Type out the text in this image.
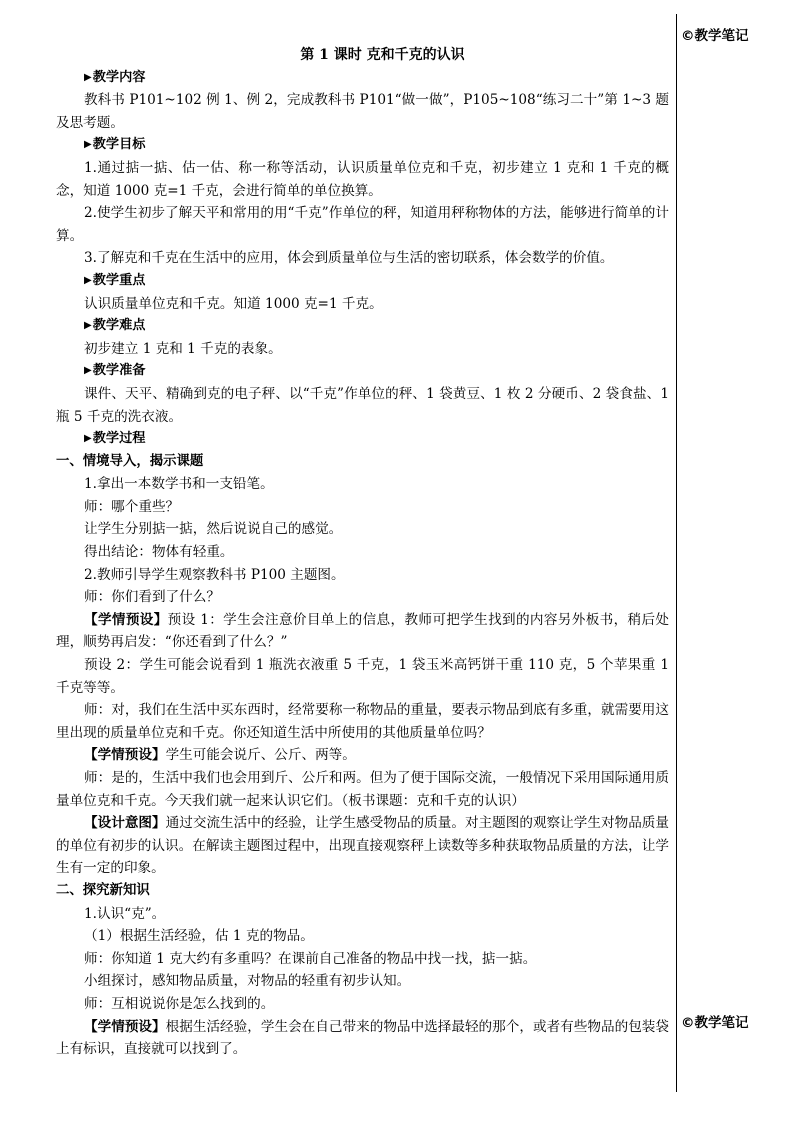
©教学笔记
©教学笔记

第 1 课时 克和千克的认识

▶教学内容

教科书 P101~102 例 1、例 2，完成教科书 P101“做一做”，P105~108“练习二十”第 1~3 题及思考题。

▶教学目标

1.通过掂一掂、估一估、称一称等活动，认识质量单位克和千克，初步建立 1 克和 1 千克的概念，知道 1000 克=1 千克，会进行简单的单位换算。

2.使学生初步了解天平和常用的用“千克”作单位的秤，知道用秤称物体的方法，能够进行简单的计算。

3.了解克和千克在生活中的应用，体会到质量单位与生活的密切联系，体会数学的价值。

▶教学重点

认识质量单位克和千克。知道 1000 克=1 千克。

▶教学难点

初步建立 1 克和 1 千克的表象。

▶教学准备

课件、天平、精确到克的电子秤、以“千克”作单位的秤、1 袋黄豆、1 枚 2 分硬币、2 袋食盐、1 瓶 5 千克的洗衣液。

▶教学过程

一、情境导入，揭示课题

1.拿出一本数学书和一支铅笔。

师：哪个重些？

让学生分别掂一掂，然后说说自己的感觉。

得出结论：物体有轻重。

2.教师引导学生观察教科书 P100 主题图。

师：你们看到了什么？

【学情预设】预设 1：学生会注意价目单上的信息，教师可把学生找到的内容另外板书，稍后处理，顺势再启发：“你还看到了什么？”

预设 2：学生可能会说看到 1 瓶洗衣液重 5 千克，1 袋玉米高钙饼干重 110 克，5 个苹果重 1 千克等等。

师：对，我们在生活中买东西时，经常要称一称物品的重量，要表示物品到底有多重，就需要用这里出现的质量单位克和千克。你还知道生活中所使用的其他质量单位吗？

【学情预设】学生可能会说斤、公斤、两等。

师：是的，生活中我们也会用到斤、公斤和两。但为了便于国际交流，一般情况下采用国际通用质量单位克和千克。今天我们就一起来认识它们。（板书课题：克和千克的认识）

【设计意图】通过交流生活中的经验，让学生感受物品的质量。对主题图的观察让学生对物品质量的单位有初步的认识。在解读主题图过程中，出现直接观察秤上读数等多种获取物品质量的方法，让学生有一定的印象。

二、探究新知识

1.认识“克”。

（1）根据生活经验，估 1 克的物品。

师：你知道 1 克大约有多重吗？在课前自己准备的物品中找一找，掂一掂。

小组探讨，感知物品质量，对物品的轻重有初步认知。

师：互相说说你是怎么找到的。

【学情预设】根据生活经验，学生会在自己带来的物品中选择最轻的那个，或者有些物品的包装袋上有标识，直接就可以找到了。
